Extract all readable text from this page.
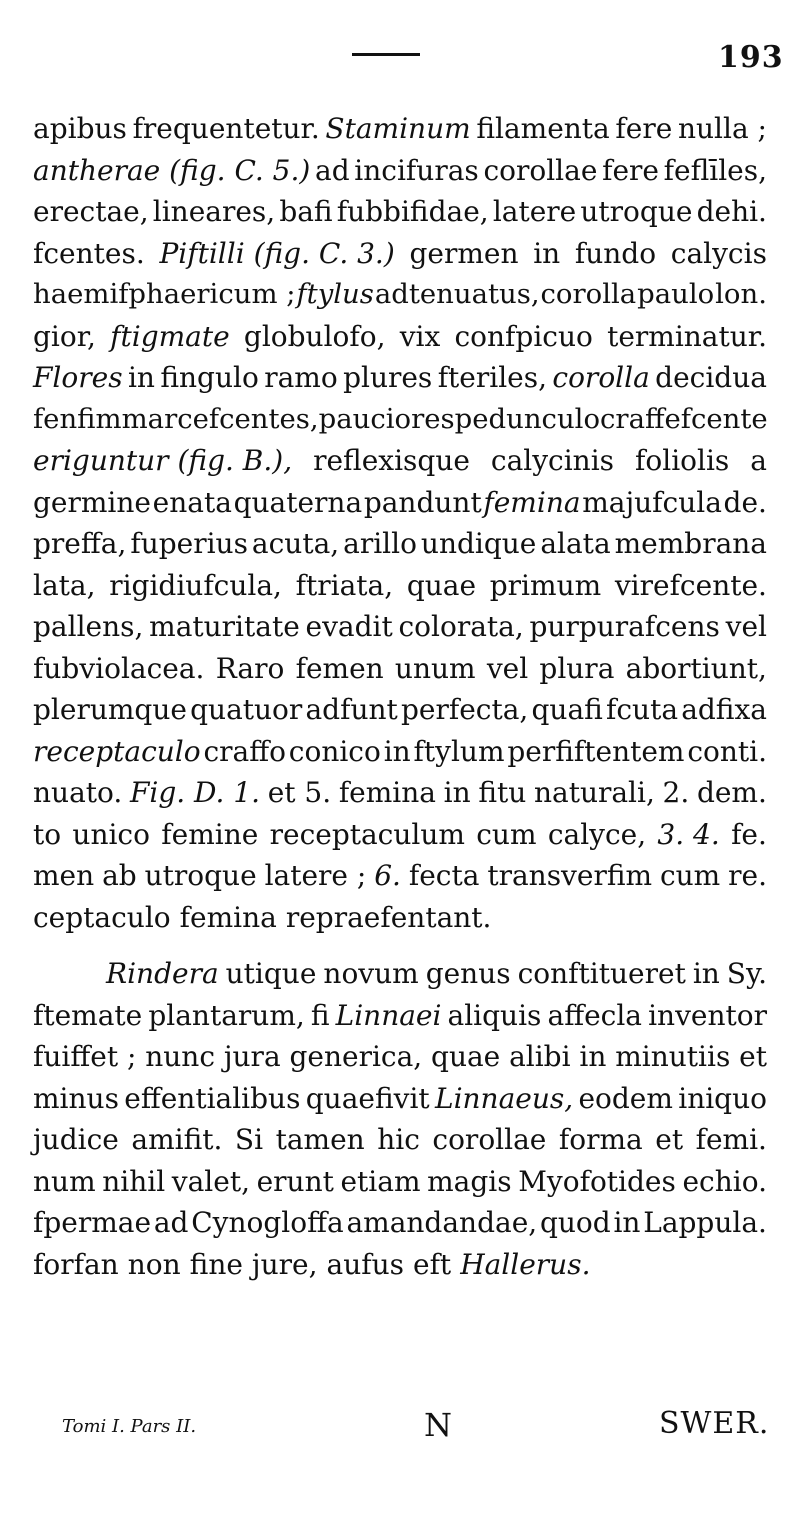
193
apibus frequentetur. Staminum filamenta fere nulla ;
antherae (fig. C. 5.) ad incifuras corollae fere feflīles,
erectae, lineares, bafi fubbifidae, latere utroque dehi.
fcentes. Piftilli (fig. C. 3.) germen in fundo calycis
haemifphaericum ; ftylus adtenuatus, corolla paulo lon.
gior, ftigmate globulofo, vix confpicuo terminatur.
Flores in fingulo ramo plures fteriles, corolla decidua
fenfim marcefcentes, pauciores pedunculo craffefcente
eriguntur (fig. B.), reflexisque calycinis foliolis a
germine enata quaterna pandunt femina majufcula de.
preffa, fuperius acuta, arillo undique alata membrana
lata, rigidiufcula, ftriata, quae primum virefcente.
pallens, maturitate evadit colorata, purpurafcens vel
fubviolacea. Raro femen unum vel plura abortiunt,
plerumque quatuor adfunt perfecta, quafi fcuta adfixa
receptaculo craffo conico in ftylum perfiftentem conti.
nuato. Fig. D. 1. et 5. femina in fitu naturali, 2. dem.
to unico femine receptaculum cum calyce, 3. 4. fe.
men ab utroque latere ; 6. fecta transverfim cum re.
ceptaculo femina repraefentant.
Rindera utique novum genus conftitueret in Sy.
ftemate plantarum, fi Linnaei aliquis affecla inventor
fuiffet ; nunc jura generica, quae alibi in minutiis et
minus effentialibus quaefivit Linnaeus, eodem iniquo
judice amifit. Si tamen hic corollae forma et femi.
num nihil valet, erunt etiam magis Myofotides echio.
fpermae ad Cynogloffa amandandae, quod in Lappula.
forfan non fine jure, aufus eft Hallerus.
Tomi I. Pars II.	N	SWER.
